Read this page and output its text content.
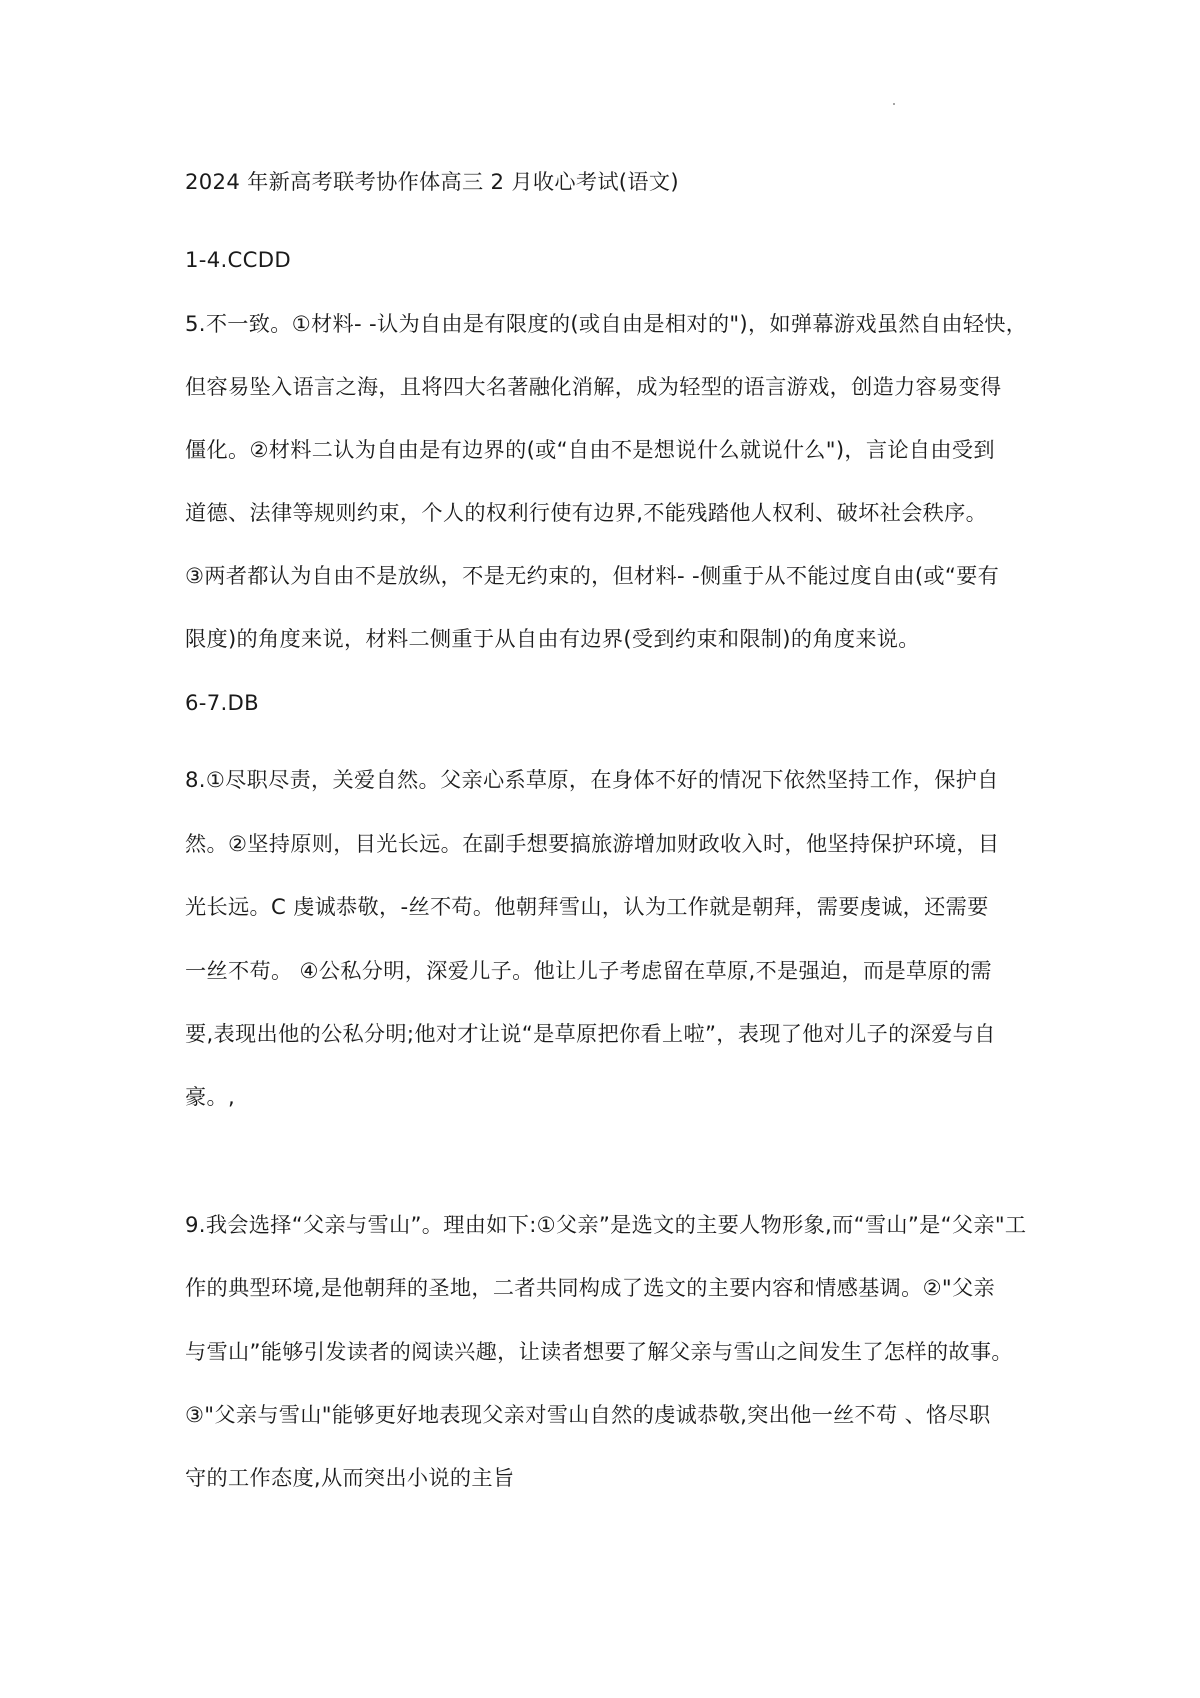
2024 年新高考联考协作体高三 2 月收心考试(语文)
1-4.CCDD
5.不一致。①材料- -认为自由是有限度的(或自由是相对的")，如弹幕游戏虽然自由轻快，
但容易坠入语言之海，且将四大名著融化消解，成为轻型的语言游戏，创造力容易变得
僵化。②材料二认为自由是有边界的(或“自由不是想说什么就说什么")，言论自由受到
道德、法律等规则约束，个人的权利行使有边界,不能残踏他人权利、破坏社会秩序。
③两者都认为自由不是放纵，不是无约束的，但材料- -侧重于从不能过度自由(或“要有
限度)的角度来说，材料二侧重于从自由有边界(受到约束和限制)的角度来说。
6-7.DB
8.①尽职尽责，关爱自然。父亲心系草原，在身体不好的情况下依然坚持工作，保护自
然。②坚持原则，目光长远。在副手想要搞旅游增加财政收入时，他坚持保护环境，目
光长远。C 虔诚恭敬，-丝不苟。他朝拜雪山，认为工作就是朝拜，需要虔诚，还需要
一丝不苟。 ④公私分明，深爱儿子。他让儿子考虑留在草原,不是强迫，而是草原的需
要,表现出他的公私分明;他对才让说“是草原把你看上啦”，表现了他对儿子的深爱与自
豪。,
9.我会选择“父亲与雪山”。理由如下:①父亲”是选文的主要人物形象,而“雪山”是“父亲"工
作的典型环境,是他朝拜的圣地，二者共同构成了选文的主要内容和情感基调。②"父亲
与雪山”能够引发读者的阅读兴趣，让读者想要了解父亲与雪山之间发生了怎样的故事。
③"父亲与雪山"能够更好地表现父亲对雪山自然的虔诚恭敬,突出他一丝不苟 、恪尽职
守的工作态度,从而突出小说的主旨
